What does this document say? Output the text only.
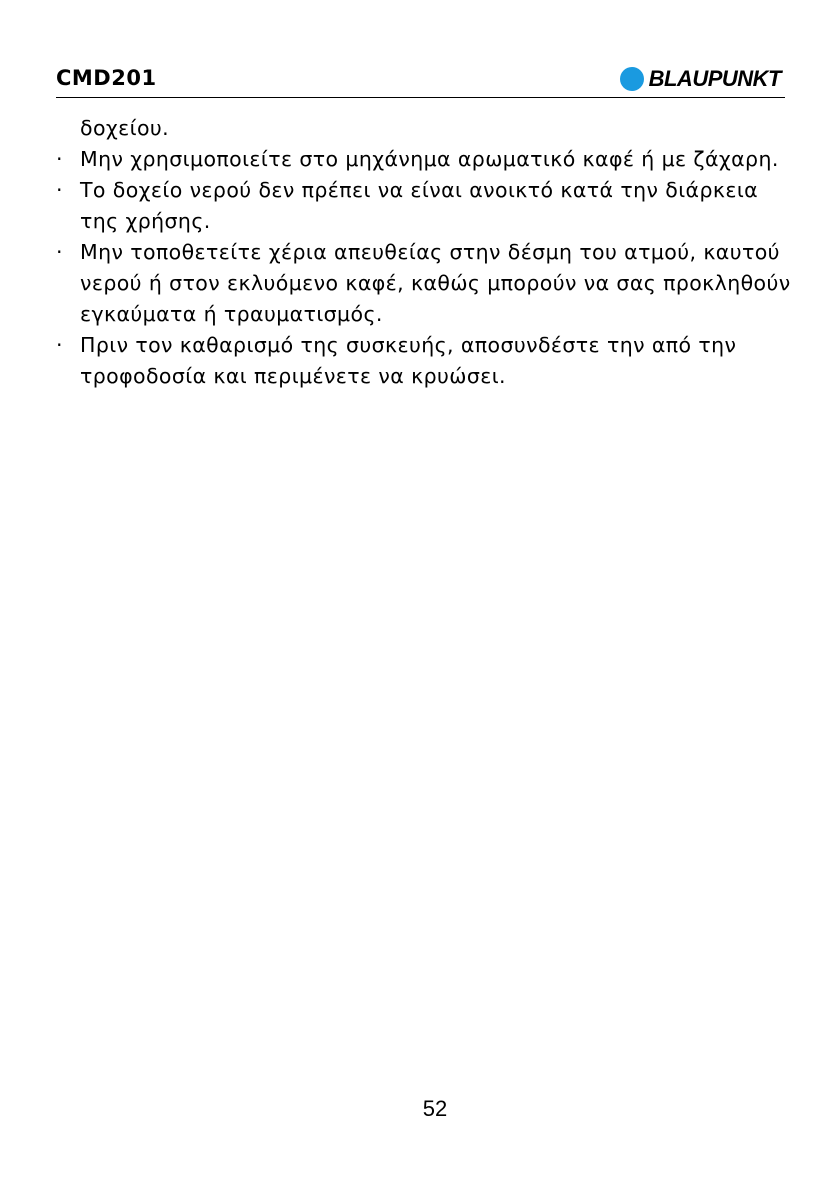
CMD201	BLAUPUNKT

δοχείου.

· Μην χρησιμοποιείτε στο μηχάνημα αρωματικό καφέ ή με ζάχαρη.

· Το δοχείο νερού δεν πρέπει να είναι ανοικτό κατά την διάρκεια της χρήσης.

· Μην τοποθετείτε χέρια απευθείας στην δέσμη του ατμού, καυτού νερού ή στον εκλυόμενο καφέ, καθώς μπορούν να σας προκληθούν εγκαύματα ή τραυματισμός.

· Πριν τον καθαρισμό της συσκευής, αποσυνδέστε την από την τροφοδοσία και περιμένετε να κρυώσει.

52
